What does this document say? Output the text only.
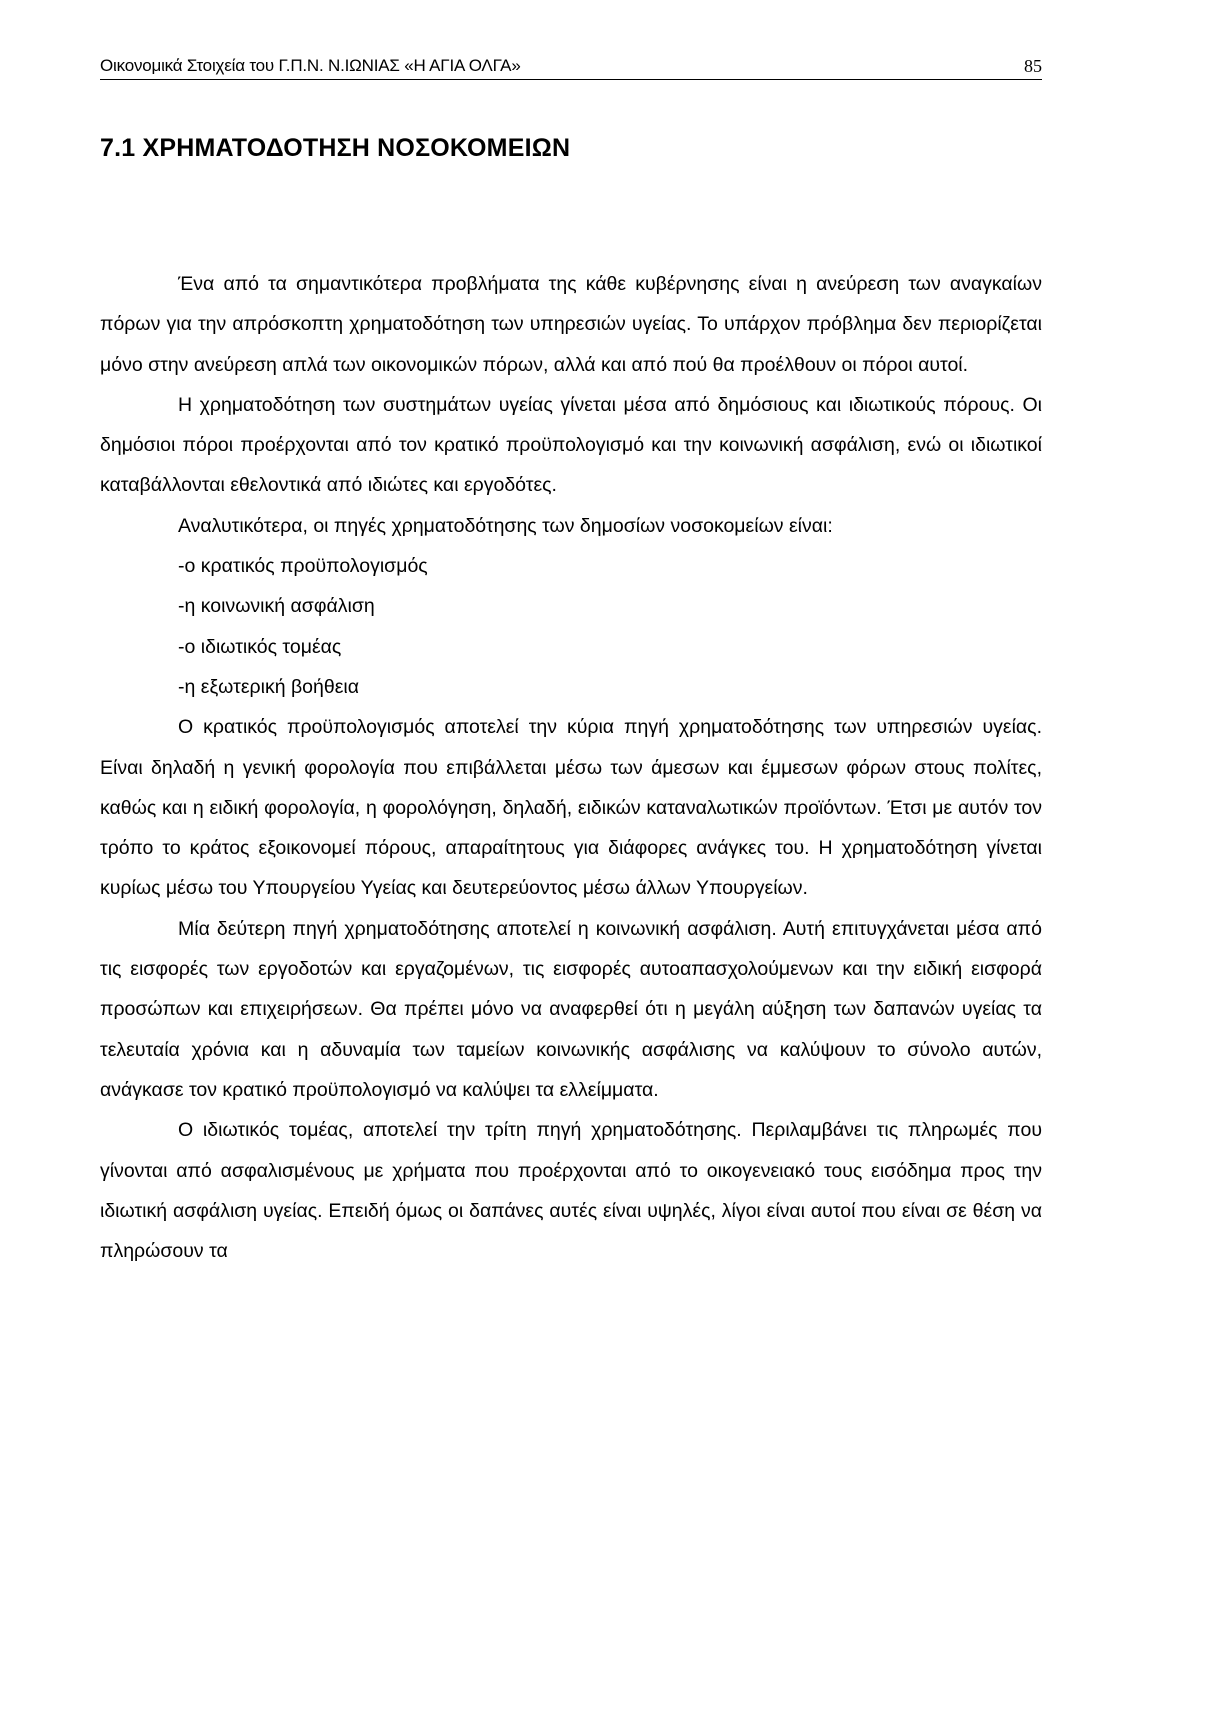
Οικονομικά Στοιχεία του Γ.Π.Ν. Ν.ΙΩΝΙΑΣ «Η ΑΓΙΑ ΟΛΓΑ»	85
7.1 ΧΡΗΜΑΤΟΔΟΤΗΣΗ ΝΟΣΟΚΟΜΕΙΩΝ

Ένα από τα σημαντικότερα προβλήματα της κάθε κυβέρνησης είναι η ανεύρεση των αναγκαίων πόρων για την απρόσκοπτη χρηματοδότηση των υπηρεσιών υγείας. Το υπάρχον πρόβλημα δεν περιορίζεται μόνο στην ανεύρεση απλά των οικονομικών πόρων, αλλά και από πού θα προέλθουν οι πόροι αυτοί.

Η χρηματοδότηση των συστημάτων υγείας γίνεται μέσα από δημόσιους και ιδιωτικούς πόρους. Οι δημόσιοι πόροι προέρχονται από τον κρατικό προϋπολογισμό και την κοινωνική ασφάλιση, ενώ οι ιδιωτικοί καταβάλλονται εθελοντικά από ιδιώτες και εργοδότες.

Αναλυτικότερα, οι πηγές χρηματοδότησης των δημοσίων νοσοκομείων είναι:

-ο κρατικός προϋπολογισμός

-η κοινωνική ασφάλιση

-ο ιδιωτικός τομέας

-η εξωτερική βοήθεια

Ο κρατικός προϋπολογισμός αποτελεί την κύρια πηγή χρηματοδότησης των υπηρεσιών υγείας. Είναι δηλαδή η γενική φορολογία που επιβάλλεται μέσω των άμεσων και έμμεσων φόρων στους πολίτες, καθώς και η ειδική φορολογία, η φορολόγηση, δηλαδή, ειδικών καταναλωτικών προϊόντων. Έτσι με αυτόν τον τρόπο το κράτος εξοικονομεί πόρους, απαραίτητους για διάφορες ανάγκες του. Η χρηματοδότηση γίνεται κυρίως μέσω του Υπουργείου Υγείας και δευτερεύοντος μέσω άλλων Υπουργείων.

Μία δεύτερη πηγή χρηματοδότησης αποτελεί η κοινωνική ασφάλιση. Αυτή επιτυγχάνεται μέσα από τις εισφορές των εργοδοτών και εργαζομένων, τις εισφορές αυτοαπασχολούμενων και την ειδική εισφορά προσώπων και επιχειρήσεων. Θα πρέπει μόνο να αναφερθεί ότι η μεγάλη αύξηση των δαπανών υγείας τα τελευταία χρόνια και η αδυναμία των ταμείων κοινωνικής ασφάλισης να καλύψουν το σύνολο αυτών, ανάγκασε τον κρατικό προϋπολογισμό να καλύψει τα ελλείμματα.

Ο ιδιωτικός τομέας, αποτελεί την τρίτη πηγή χρηματοδότησης. Περιλαμβάνει τις πληρωμές που γίνονται από ασφαλισμένους με χρήματα που προέρχονται από το οικογενειακό τους εισόδημα προς την ιδιωτική ασφάλιση υγείας. Επειδή όμως οι δαπάνες αυτές είναι υψηλές, λίγοι είναι αυτοί που είναι σε θέση να πληρώσουν τα
